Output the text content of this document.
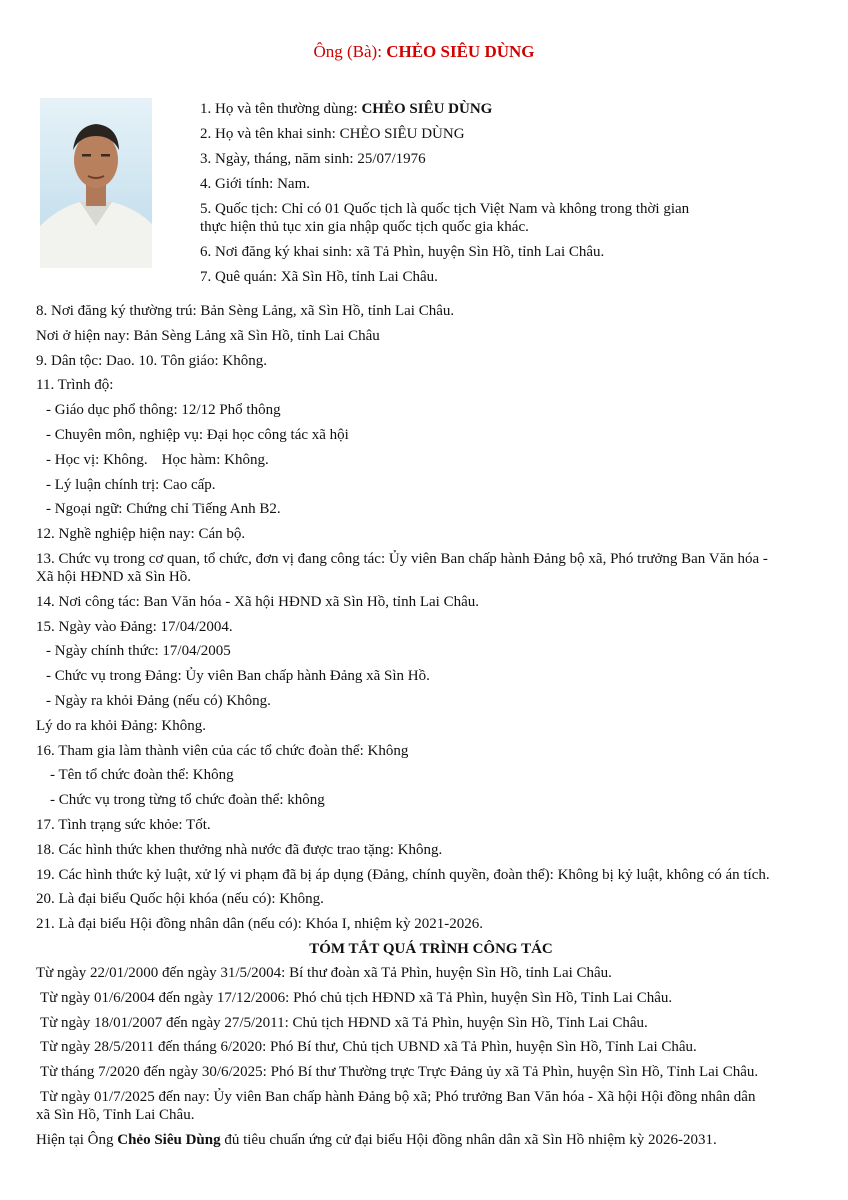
Ông (Bà): CHẺO SIÊU DÙNG
1. Họ và tên thường dùng: CHẺO SIÊU DÙNG
2. Họ và tên khai sinh: CHẺO SIÊU DÙNG
3. Ngày, tháng, năm sinh: 25/07/1976
4. Giới tính: Nam.
5. Quốc tịch: Chỉ có 01 Quốc tịch là quốc tịch Việt Nam và không trong thời gian
thực hiện thủ tục xin gia nhập quốc tịch quốc gia khác.
6. Nơi đăng ký khai sinh: xã Tả Phìn, huyện Sìn Hồ, tỉnh Lai Châu.
7. Quê quán: Xã Sìn Hồ, tỉnh Lai Châu.
8. Nơi đăng ký thường trú: Bản Sèng Lảng, xã Sìn Hồ, tỉnh Lai Châu.
Nơi ở hiện nay: Bản Sèng Lảng xã Sìn Hồ, tỉnh Lai Châu
9. Dân tộc: Dao. 10. Tôn giáo: Không.
11. Trình độ:
- Giáo dục phổ thông: 12/12 Phổ thông
- Chuyên môn, nghiệp vụ: Đại học công tác xã hội
- Học vị: Không. Học hàm: Không.
- Lý luận chính trị: Cao cấp.
- Ngoại ngữ: Chứng chỉ Tiếng Anh B2.
12. Nghề nghiệp hiện nay: Cán bộ.
13. Chức vụ trong cơ quan, tổ chức, đơn vị đang công tác: Ủy viên Ban chấp hành Đảng bộ xã, Phó trưởng Ban Văn hóa -
Xã hội HĐND xã Sìn Hồ.
14. Nơi công tác: Ban Văn hóa - Xã hội HĐND xã Sìn Hồ, tỉnh Lai Châu.
15. Ngày vào Đảng: 17/04/2004.
- Ngày chính thức: 17/04/2005
- Chức vụ trong Đảng: Ủy viên Ban chấp hành Đảng xã Sìn Hồ.
- Ngày ra khỏi Đảng (nếu có) Không.
Lý do ra khỏi Đảng: Không.
16. Tham gia làm thành viên của các tổ chức đoàn thể: Không
- Tên tổ chức đoàn thể: Không
- Chức vụ trong từng tổ chức đoàn thể: không
17. Tình trạng sức khỏe: Tốt.
18. Các hình thức khen thưởng nhà nước đã được trao tặng: Không.
19. Các hình thức kỷ luật, xử lý vi phạm đã bị áp dụng (Đảng, chính quyền, đoàn thể): Không bị kỷ luật, không có án tích.
20. Là đại biểu Quốc hội khóa (nếu có): Không.
21. Là đại biểu Hội đồng nhân dân (nếu có): Khóa I, nhiệm kỳ 2021-2026.
TÓM TẮT QUÁ TRÌNH CÔNG TÁC
Từ ngày 22/01/2000 đến ngày 31/5/2004: Bí thư đoàn xã Tả Phìn, huyện Sìn Hồ, tỉnh Lai Châu.
Từ ngày 01/6/2004 đến ngày 17/12/2006: Phó chủ tịch HĐND xã Tả Phìn, huyện Sìn Hồ, Tỉnh Lai Châu.
Từ ngày 18/01/2007 đến ngày 27/5/2011: Chủ tịch HĐND xã Tả Phìn, huyện Sìn Hồ, Tỉnh Lai Châu.
Từ ngày 28/5/2011 đến tháng 6/2020: Phó Bí thư, Chủ tịch UBND xã Tả Phìn, huyện Sìn Hồ, Tỉnh Lai Châu.
Từ tháng 7/2020 đến ngày 30/6/2025: Phó Bí thư Thường trực Trực Đảng ủy xã Tả Phìn, huyện Sìn Hồ, Tỉnh Lai Châu.
Từ ngày 01/7/2025 đến nay: Ủy viên Ban chấp hành Đảng bộ xã; Phó trưởng Ban Văn hóa - Xã hội Hội đồng nhân dân
xã Sìn Hồ, Tỉnh Lai Châu.
Hiện tại Ông Chẻo Siêu Dùng đủ tiêu chuẩn ứng cử đại biểu Hội đồng nhân dân xã Sìn Hồ nhiệm kỳ 2026-2031.
